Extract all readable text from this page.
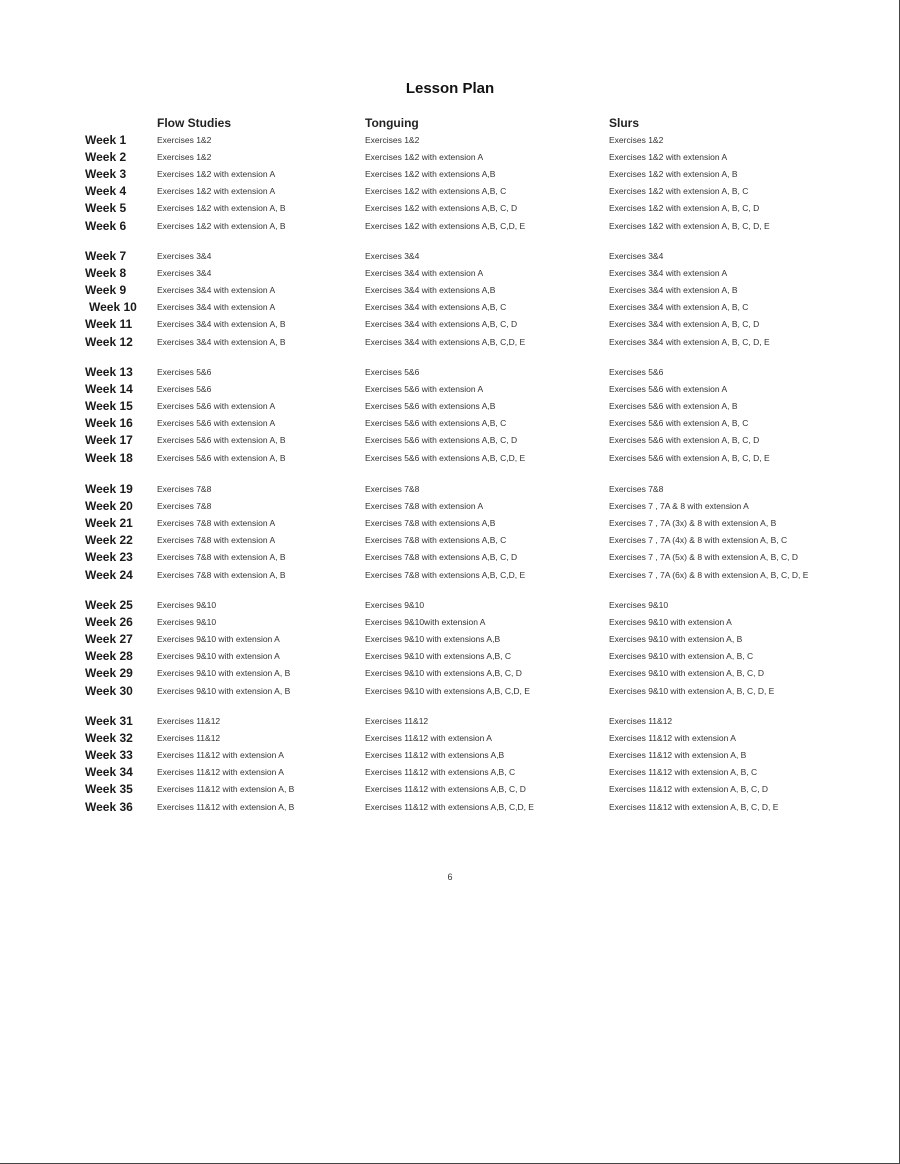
Lesson Plan
Flow Studies	Tonguing	Slurs
Week 1	Exercises 1&2	Exercises 1&2	Exercises 1&2
Week 2	Exercises 1&2	Exercises 1&2 with extension A	Exercises 1&2 with extension A
Week 3	Exercises 1&2 with extension A	Exercises 1&2 with extensions A,B	Exercises 1&2 with extension A, B
Week 4	Exercises 1&2 with extension A	Exercises 1&2 with extensions A,B, C	Exercises 1&2 with extension A, B, C
Week 5	Exercises 1&2 with extension A, B	Exercises 1&2 with extensions A,B, C, D	Exercises 1&2 with extension A, B, C, D
Week 6	Exercises 1&2 with extension A, B	Exercises 1&2 with extensions A,B, C,D, E	Exercises 1&2 with extension A, B, C, D, E
Week 7	Exercises 3&4	Exercises 3&4	Exercises 3&4
Week 8	Exercises 3&4	Exercises 3&4 with extension A	Exercises 3&4 with extension A
Week 9	Exercises 3&4 with extension A	Exercises 3&4 with extensions A,B	Exercises 3&4 with extension A, B
Week 10 Exercises 3&4 with extension A	Exercises 3&4 with extensions A,B, C	Exercises 3&4 with extension A, B, C
Week 11	Exercises 3&4 with extension A, B	Exercises 3&4 with extensions A,B, C, D	Exercises 3&4 with extension A, B, C, D
Week 12	Exercises 3&4 with extension A, B	Exercises 3&4 with extensions A,B, C,D, E	Exercises 3&4 with extension A, B, C, D, E
Week 13	Exercises 5&6	Exercises 5&6	Exercises 5&6
Week 14	Exercises 5&6	Exercises 5&6 with extension A	Exercises 5&6 with extension A
Week 15	Exercises 5&6 with extension A	Exercises 5&6 with extensions A,B	Exercises 5&6 with extension A, B
Week 16	Exercises 5&6 with extension A	Exercises 5&6 with extensions A,B, C	Exercises 5&6 with extension A, B, C
Week 17	Exercises 5&6 with extension A, B	Exercises 5&6 with extensions A,B, C, D	Exercises 5&6 with extension A, B, C, D
Week 18	Exercises 5&6 with extension A, B	Exercises 5&6 with extensions A,B, C,D, E	Exercises 5&6 with extension A, B, C, D, E
Week 19	Exercises 7&8	Exercises 7&8	Exercises 7&8
Week 20	Exercises 7&8	Exercises 7&8 with extension A	Exercises 7 , 7A & 8 with extension A
Week 21	Exercises 7&8 with extension A	Exercises 7&8 with extensions A,B	Exercises 7 , 7A (3x) & 8 with extension A, B
Week 22	Exercises 7&8 with extension A	Exercises 7&8 with extensions A,B, C	Exercises 7 , 7A (4x) & 8 with extension A, B, C
Week 23	Exercises 7&8 with extension A, B	Exercises 7&8 with extensions A,B, C, D	Exercises 7 , 7A (5x) & 8 with extension A, B, C, D
Week 24	Exercises 7&8 with extension A, B	Exercises 7&8 with extensions A,B, C,D, E	Exercises 7 , 7A (6x) & 8 with extension A, B, C, D, E
Week 25	Exercises 9&10	Exercises 9&10	Exercises 9&10
Week 26	Exercises 9&10	Exercises 9&10with extension A	Exercises 9&10 with extension A
Week 27	Exercises 9&10 with extension A	Exercises 9&10 with extensions A,B	Exercises 9&10 with extension A, B
Week 28	Exercises 9&10 with extension A	Exercises 9&10 with extensions A,B, C	Exercises 9&10 with extension A, B, C
Week 29	Exercises 9&10 with extension A, B	Exercises 9&10 with extensions A,B, C, D	Exercises 9&10 with extension A, B, C, D
Week 30	Exercises 9&10 with extension A, B	Exercises 9&10 with extensions A,B, C,D, E	Exercises 9&10 with extension A, B, C, D, E
Week 31	Exercises 11&12	Exercises 11&12	Exercises 11&12
Week 32	Exercises 11&12	Exercises 11&12 with extension A	Exercises 11&12 with extension A
Week 33	Exercises 11&12 with extension A	Exercises 11&12 with extensions A,B	Exercises 11&12 with extension A, B
Week 34	Exercises 11&12 with extension A	Exercises 11&12 with extensions A,B, C	Exercises 11&12 with extension A, B, C
Week 35	Exercises 11&12 with extension A, B	Exercises 11&12 with extensions A,B, C, D	Exercises 11&12 with extension A, B, C, D
Week 36	Exercises 11&12 with extension A, B	Exercises 11&12 with extensions A,B, C,D, E	Exercises 11&12 with extension A, B, C, D, E
6
